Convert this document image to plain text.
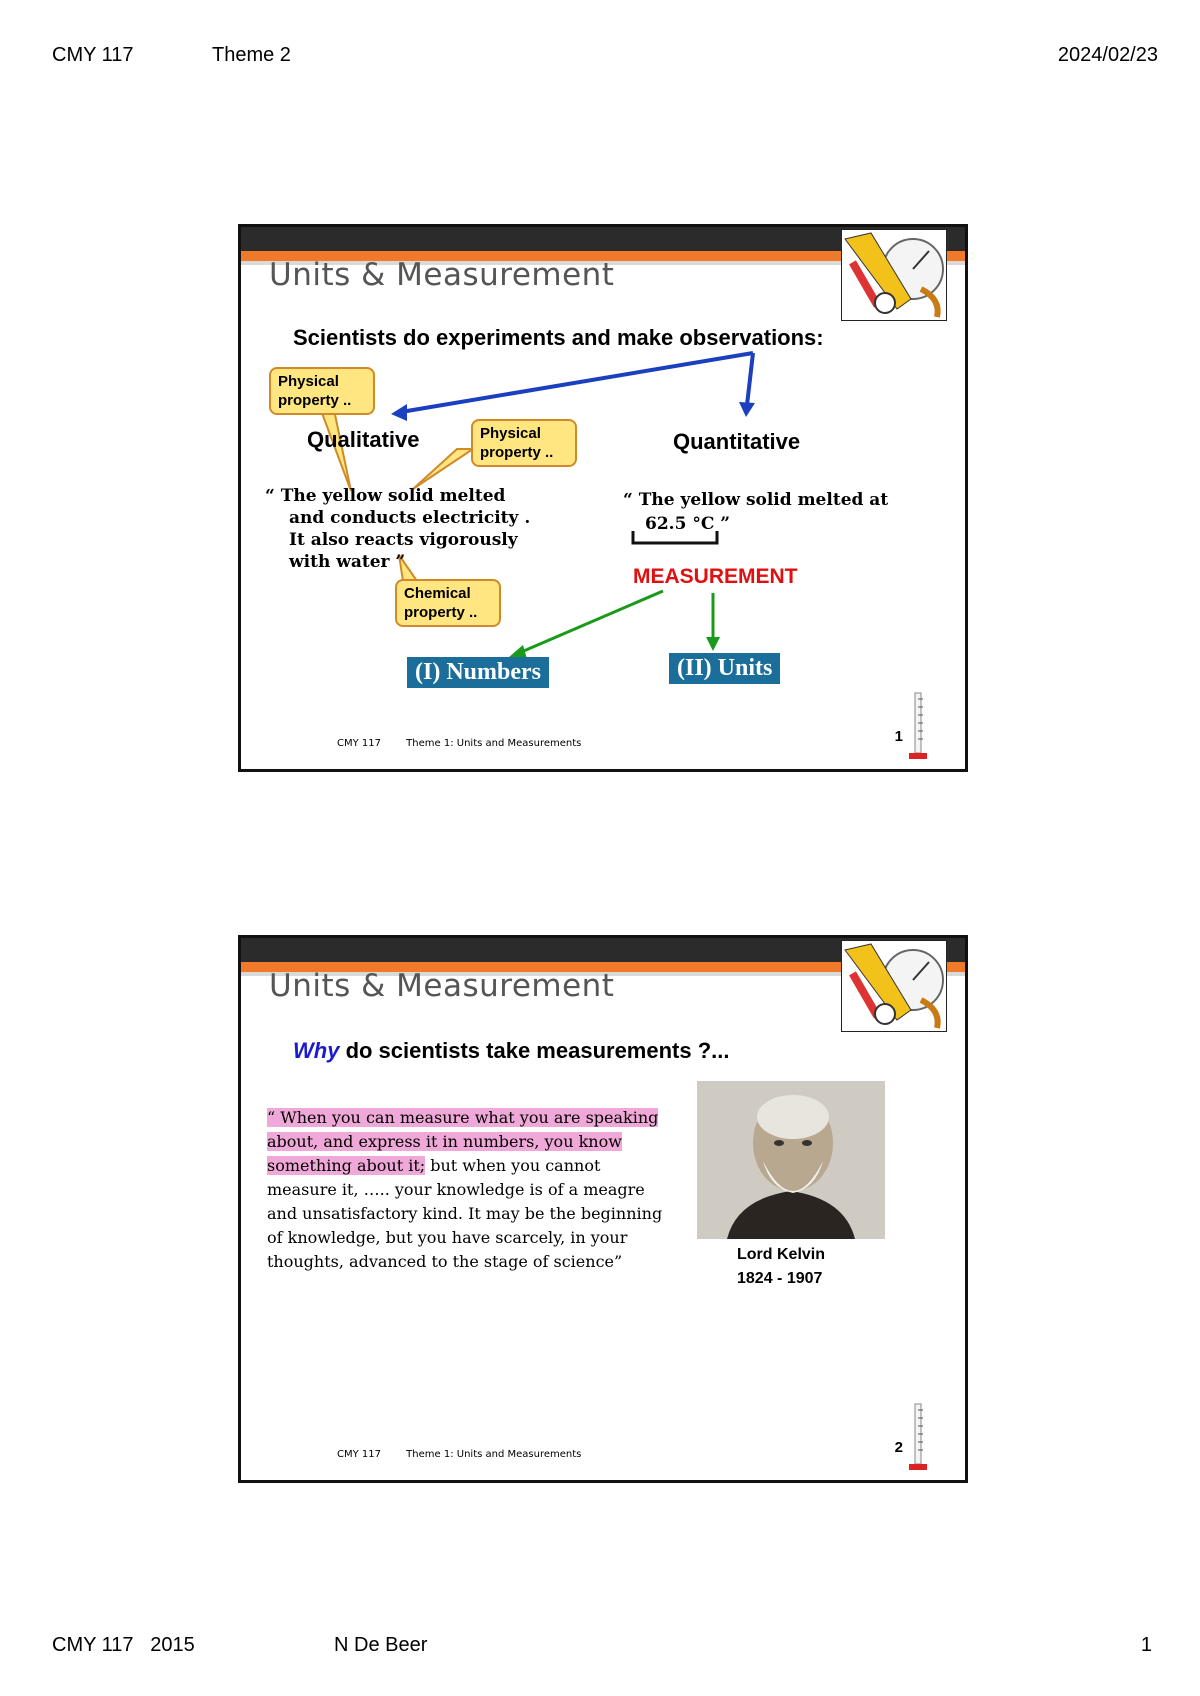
CMY 117	Theme 2	2024/02/23
Units & Measurement
Scientists do experiments and make observations:
Physical
property ..
Qualitative	Physical
property ..	Quantitative
“ The yellow solid melted
and conducts electricity .
It also reacts vigorously
with water ”
“ The yellow solid melted at
62.5 °C ”
Chemical
property ..
MEASUREMENT
(I) Numbers	(II) Units
CMY 117	Theme 1: Units and Measurements	1
Units & Measurement
Why do scientists take measurements ?...
“ When you can measure what you are speaking about, and express it in numbers, you know something about it; but when you cannot measure it, ….. your knowledge is of a meagre and unsatisfactory kind. It may be the beginning of knowledge, but you have scarcely, in your thoughts, advanced to the stage of science”	Lord Kelvin
1824 - 1907
CMY 117	Theme 1: Units and Measurements	2
CMY 117   2015	N De Beer	1
